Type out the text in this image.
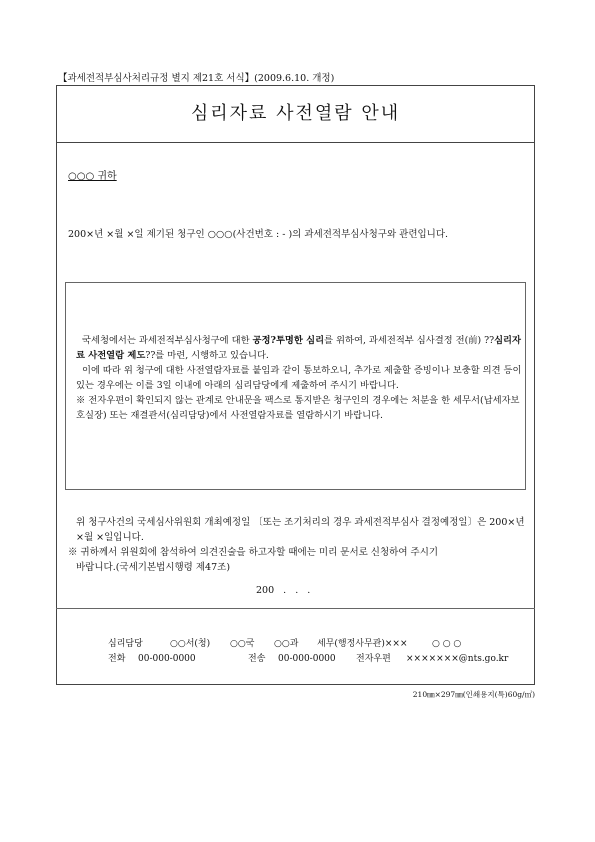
【과세전적부심사처리규정 별지 제21호 서식】(2009.6.10. 개정)
심리자료 사전열람 안내
○○○ 귀하
200×년 ×월 ×일 제기된 청구인 ○○○(사건번호 : - )의 과세전적부심사청구와 관련입니다.

국세청에서는 과세전적부심사청구에 대한 공정?투명한 심리를 위하여, 과세전적부 심사결정 전(前) ??심리자료 사전열람 제도??를 마련, 시행하고 있습니다.

이에 따라 위 청구에 대한 사전열람자료를 붙임과 같이 통보하오니, 추가로 제출할 증빙이나 보충할 의견 등이 있는 경우에는 이를 3일 이내에 아래의 심리담당에게 제출하여 주시기 바랍니다.

※ 전자우편이 확인되지 않는 관계로 안내문을 팩스로 통지받은 청구인의 경우에는 처분을 한 세무서(납세자보호실장) 또는 재결관서(심리담당)에서 사전열람자료를 열람하시기 바랍니다.

위 청구사건의 국세심사위원회 개최예정일 〔또는 조기처리의 경우 과세전적부심사 결정예정일〕은 200×년 ×월 ×일입니다.

※ 귀하께서 위원회에 참석하여 의견진술을 하고자할 때에는 미리 문서로 신청하여 주시기

바랍니다.(국세기본법시행령 제47조)

200 . . .
심리담당	○○서(청) ○○국 ○○과 세무(행정사무관)×××	○ ○ ○
전화 00-000-0000	전송 00-000-0000 전자우편 ×××××××@nts.go.kr
210㎜×297㎜(인쇄용지(특)60g/㎡)
